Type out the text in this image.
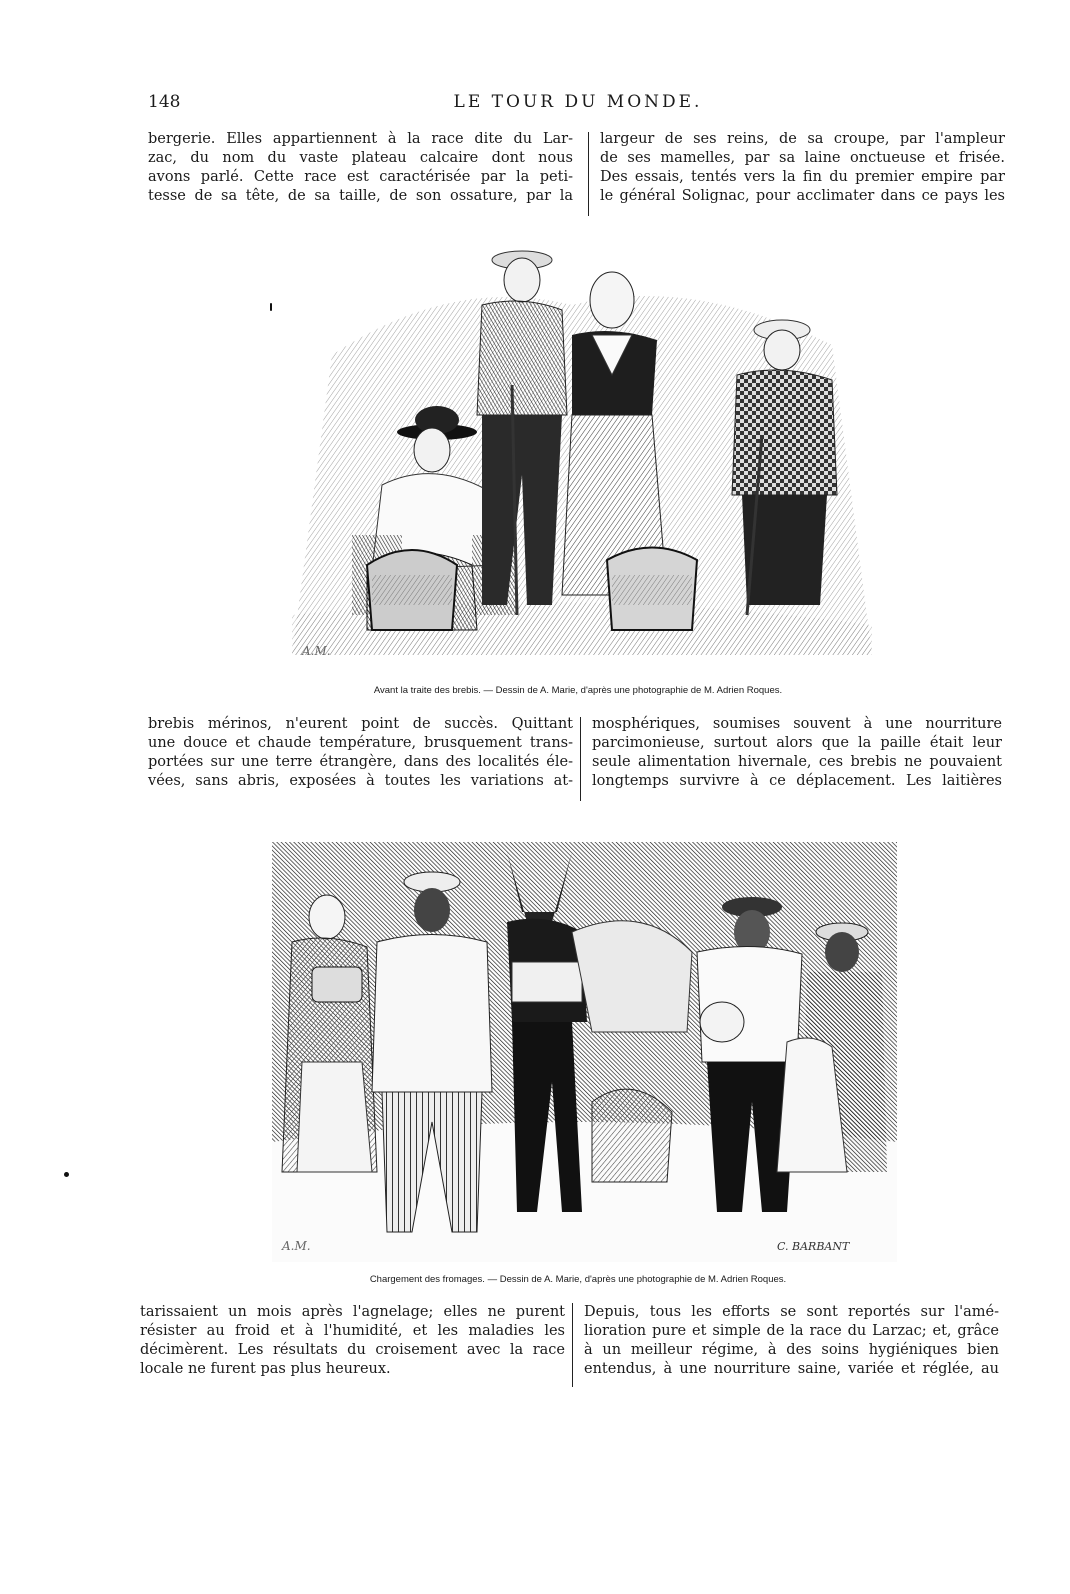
148	LE TOUR DU MONDE.

bergerie. Elles appartiennent à la race dite du Lar-
zac, du nom du vaste plateau calcaire dont nous
avons parlé. Cette race est caractérisée par la peti-
tesse de sa tête, de sa taille, de son ossature, par la

largeur de ses reins, de sa croupe, par l'ampleur
de ses mamelles, par sa laine onctueuse et frisée.
Des essais, tentés vers la fin du premier empire par
le général Solignac, pour acclimater dans ce pays les

A.M.
Avant la traite des brebis. — Dessin de A. Marie, d'après une photographie de M. Adrien Roques.

brebis mérinos, n'eurent point de succès. Quittant
une douce et chaude température, brusquement trans-
portées sur une terre étrangère, dans des localités éle-
vées, sans abris, exposées à toutes les variations at-

mosphériques, soumises souvent à une nourriture
parcimonieuse, surtout alors que la paille était leur
seule alimentation hivernale, ces brebis ne pouvaient
longtemps survivre à ce déplacement. Les laitières

A.M.	C. BARBANT
Chargement des fromages. — Dessin de A. Marie, d'après une photographie de M. Adrien Roques.

tarissaient un mois après l'agnelage; elles ne purent
résister au froid et à l'humidité, et les maladies les
décimèrent. Les résultats du croisement avec la race
locale ne furent pas plus heureux.

Depuis, tous les efforts se sont reportés sur l'amé-
lioration pure et simple de la race du Larzac; et, grâce
à un meilleur régime, à des soins hygiéniques bien
entendus, à une nourriture saine, variée et réglée, au
